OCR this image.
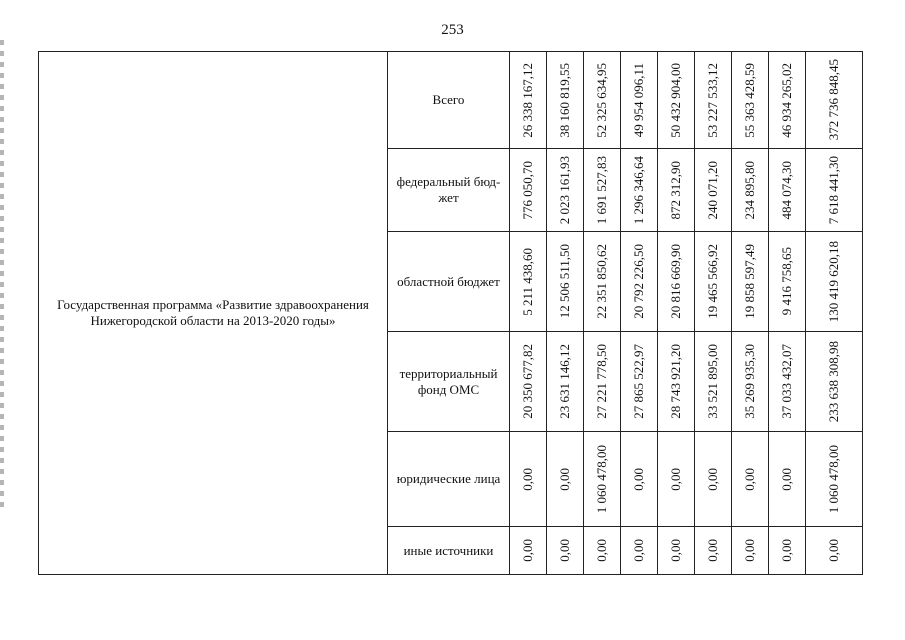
253
Государственная программа «Развитие здравоохранения Нижегородской области на 2013-2020 годы»	Всего	26 338 167,12	38 160 819,55	52 325 634,95	49 954 096,11	50 432 904,00	53 227 533,12	55 363 428,59	46 934 265,02	372 736 848,45

	федеральный бюд-жет	776 050,70	2 023 161,93	1 691 527,83	1 296 346,64	872 312,90	240 071,20	234 895,80	484 074,30	7 618 441,30

	областной бюджет	5 211 438,60	12 506 511,50	22 351 850,62	20 792 226,50	20 816 669,90	19 465 566,92	19 858 597,49	9 416 758,65	130 419 620,18

	территориальный фонд ОМС	20 350 677,82	23 631 146,12	27 221 778,50	27 865 522,97	28 743 921,20	33 521 895,00	35 269 935,30	37 033 432,07	233 638 308,98

	юридические лица	0,00	0,00	1 060 478,00	0,00	0,00	0,00	0,00	0,00	1 060 478,00

	иные источники	0,00	0,00	0,00	0,00	0,00	0,00	0,00	0,00	0,00
